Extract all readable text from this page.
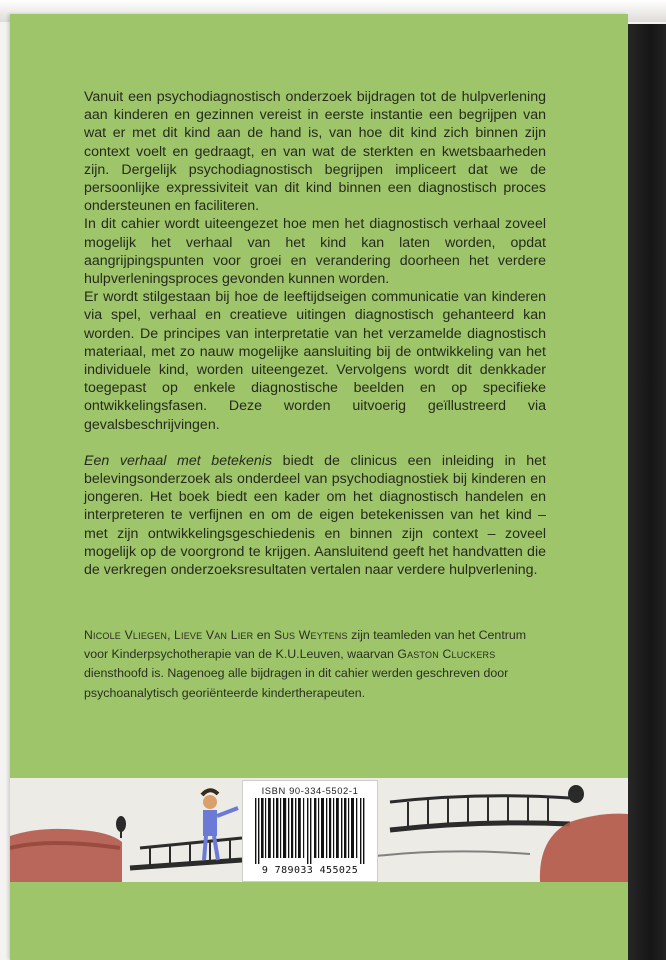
Vanuit een psychodiagnostisch onderzoek bijdragen tot de hulpverlening aan kinderen en gezinnen vereist in eerste instantie een begrijpen van wat er met dit kind aan de hand is, van hoe dit kind zich binnen zijn context voelt en gedraagt, en van wat de sterkten en kwetsbaarheden zijn. Dergelijk psychodiagnostisch begrijpen impliceert dat we de persoonlijke expressiviteit van dit kind binnen een diagnostisch proces ondersteunen en faciliteren.

In dit cahier wordt uiteengezet hoe men het diagnostisch verhaal zoveel mogelijk het verhaal van het kind kan laten worden, opdat aangrijpingspunten voor groei en verandering doorheen het verdere hulpverleningsproces gevonden kunnen worden.

Er wordt stilgestaan bij hoe de leeftijdseigen communicatie van kinderen via spel, verhaal en creatieve uitingen diagnostisch gehanteerd kan worden. De principes van interpretatie van het verzamelde diagnostisch materiaal, met zo nauw mogelijke aansluiting bij de ontwikkeling van het individuele kind, worden uiteengezet. Vervolgens wordt dit denkkader toegepast op enkele diagnostische beelden en op specifieke ontwikkelingsfasen. Deze worden uitvoerig geïllustreerd via gevalsbeschrijvingen.

Een verhaal met betekenis biedt de clinicus een inleiding in het belevingsonderzoek als onderdeel van psychodiagnostiek bij kinderen en jongeren. Het boek biedt een kader om het diagnostisch handelen en interpreteren te verfijnen en om de eigen betekenissen van het kind – met zijn ontwikkelingsgeschiedenis en binnen zijn context – zoveel mogelijk op de voorgrond te krijgen. Aansluitend geeft het handvatten die de verkregen onderzoeksresultaten vertalen naar verdere hulpverlening.

Nicole Vliegen, Lieve Van Lier en Sus Weytens zijn teamleden van het Centrum voor Kinderpsychotherapie van de K.U.Leuven, waarvan Gaston Cluckers diensthoofd is. Nagenoeg alle bijdragen in dit cahier werden geschreven door psychoanalytisch georiënteerde kindertherapeuten.
ISBN 90-334-5502-1
9 789033 455025
